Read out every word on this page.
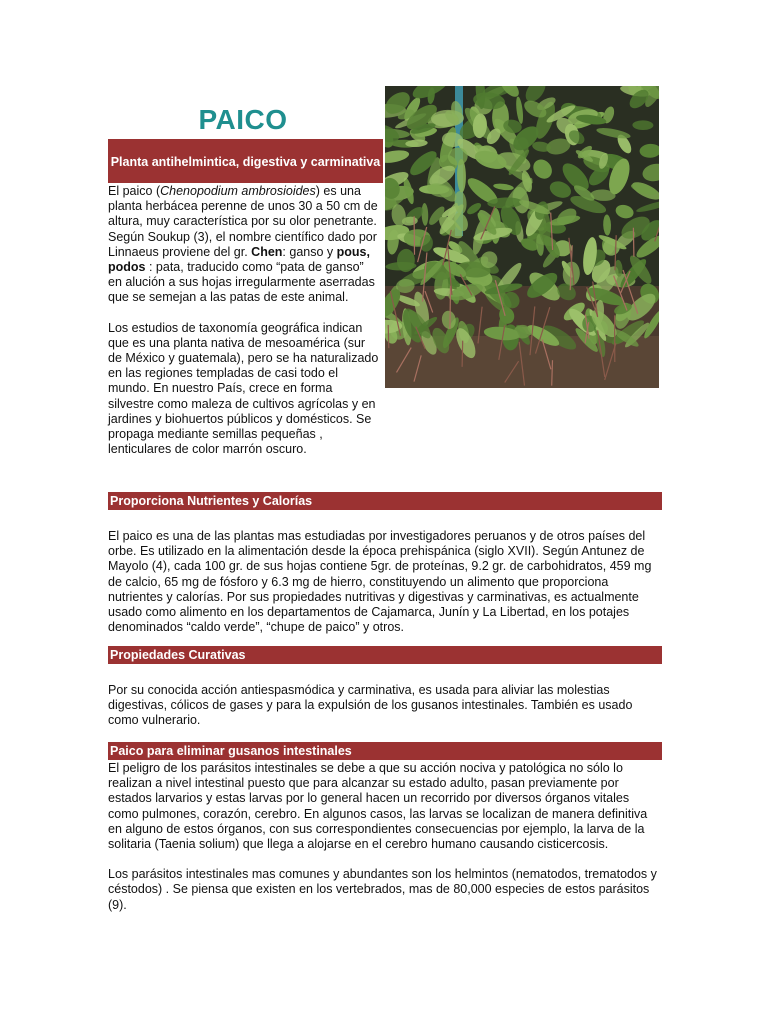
PAICO
Planta antihelmintica, digestiva y carminativa

El paico (Chenopodium ambrosioides) es una planta herbácea perenne de unos 30 a 50 cm de altura, muy característica por su olor penetrante. Según Soukup (3), el nombre científico dado por Linnaeus proviene del gr. Chen: ganso y pous, podos : pata, traducido como “pata de ganso” en alución a sus hojas irregularmente aserradas que se semejan a las patas de este animal.

Los estudios de taxonomía geográfica indican que es una planta nativa de mesoamérica (sur de México y guatemala), pero se ha naturalizado en las regiones templadas de casi todo el mundo. En nuestro País, crece en forma silvestre como maleza de cultivos agrícolas y en jardines y biohuertos públicos y domésticos. Se propaga mediante semillas pequeñas , lenticulares de color marrón oscuro.

Proporciona Nutrientes y Calorías

El paico es una de las plantas mas estudiadas por investigadores peruanos y de otros países del orbe. Es utilizado en la alimentación desde la época prehispánica (siglo XVII). Según Antunez de Mayolo (4), cada 100 gr. de sus hojas contiene 5gr. de proteínas, 9.2 gr. de carbohidratos, 459 mg de calcio, 65 mg de fósforo y 6.3 mg de hierro, constituyendo un alimento que proporciona nutrientes y calorías. Por sus propiedades nutritivas y digestivas y carminativas, es actualmente usado como alimento en los departamentos de Cajamarca, Junín y La Libertad, en los potajes denominados “caldo verde”, “chupe de paico” y otros.

Propiedades Curativas

Por su conocida acción antiespasmódica y carminativa, es usada para aliviar las molestias digestivas, cólicos de gases y para la expulsión de los gusanos intestinales. También es usado como vulnerario.

Paico para eliminar gusanos intestinales

El peligro de los parásitos intestinales se debe a que su acción nociva y patológica no sólo lo realizan a nivel intestinal puesto que para alcanzar su estado adulto, pasan previamente por estados larvarios y estas larvas por lo general hacen un recorrido por diversos órganos vitales como pulmones, corazón, cerebro. En algunos casos, las larvas se localizan de manera definitiva en alguno de estos órganos, con sus correspondientes consecuencias por ejemplo, la larva de la solitaria (Taenia solium) que llega a alojarse en el cerebro humano causando cisticercosis.

Los parásitos intestinales mas comunes y abundantes son los helmintos (nematodos, trematodos y céstodos) . Se piensa que existen en los vertebrados, mas de 80,000 especies de estos parásitos (9).
